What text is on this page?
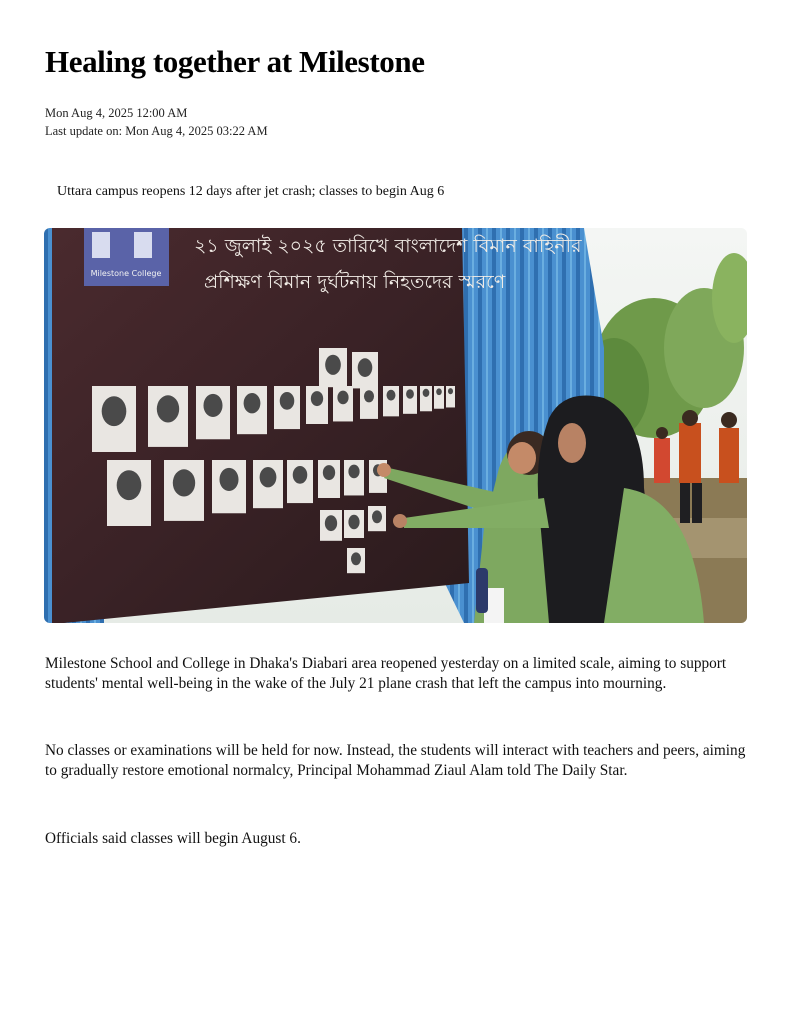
Healing together at Milestone
Mon Aug 4, 2025 12:00 AM
Last update on: Mon Aug 4, 2025 03:22 AM
Uttara campus reopens 12 days after jet crash; classes to begin Aug 6
Milestone College
২১ জুলাই ২০২৫ তারিখে বাংলাদেশ বিমান বাহিনীর
প্রশিক্ষণ বিমান দুর্ঘটনায় নিহতদের স্মরণে

Milestone School and College in Dhaka's Diabari area reopened yesterday on a limited scale, aiming to support students' mental well-being in the wake of the July 21 plane crash that left the campus into mourning.

No classes or examinations will be held for now. Instead, the students will interact with teachers and peers, aiming to gradually restore emotional normalcy, Principal Mohammad Ziaul Alam told The Daily Star.

Officials said classes will begin August 6.
